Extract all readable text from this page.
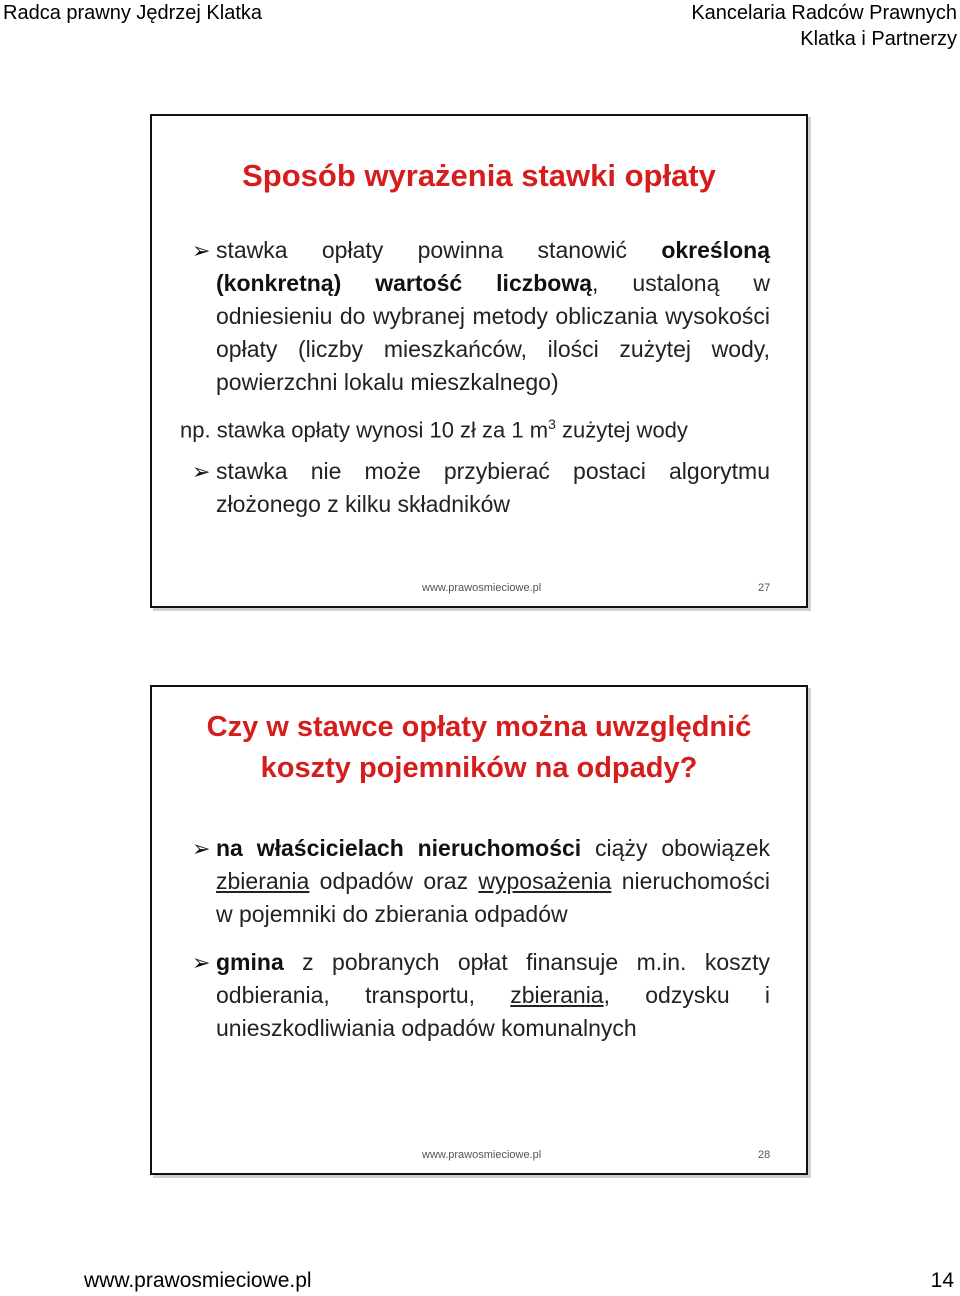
Radca prawny Jędrzej Klatka	Kancelaria Radców Prawnych
Klatka i Partnerzy
Sposób wyrażenia stawki opłaty
➢ stawka opłaty powinna stanowić określoną (konkretną) wartość liczbową, ustaloną w odniesieniu do wybranej metody obliczania wysokości opłaty (liczby mieszkańców, ilości zużytej wody, powierzchni lokalu mieszkalnego)
np. stawka opłaty wynosi 10 zł za 1 $m^3$ zużytej wody
➢ stawka nie może przybierać postaci algorytmu złożonego z kilku składników
www.prawosmieciowe.pl	27
Czy w stawce opłaty można uwzględnić
koszty pojemników na odpady?
➢ na właścicielach nieruchomości ciąży obowiązek zbierania odpadów oraz wyposażenia nieruchomości w pojemniki do zbierania odpadów
➢ gmina z pobranych opłat finansuje m.in. koszty odbierania, transportu, zbierania, odzysku i unieszkodliwiania odpadów komunalnych
www.prawosmieciowe.pl	28
www.prawosmieciowe.pl	14
